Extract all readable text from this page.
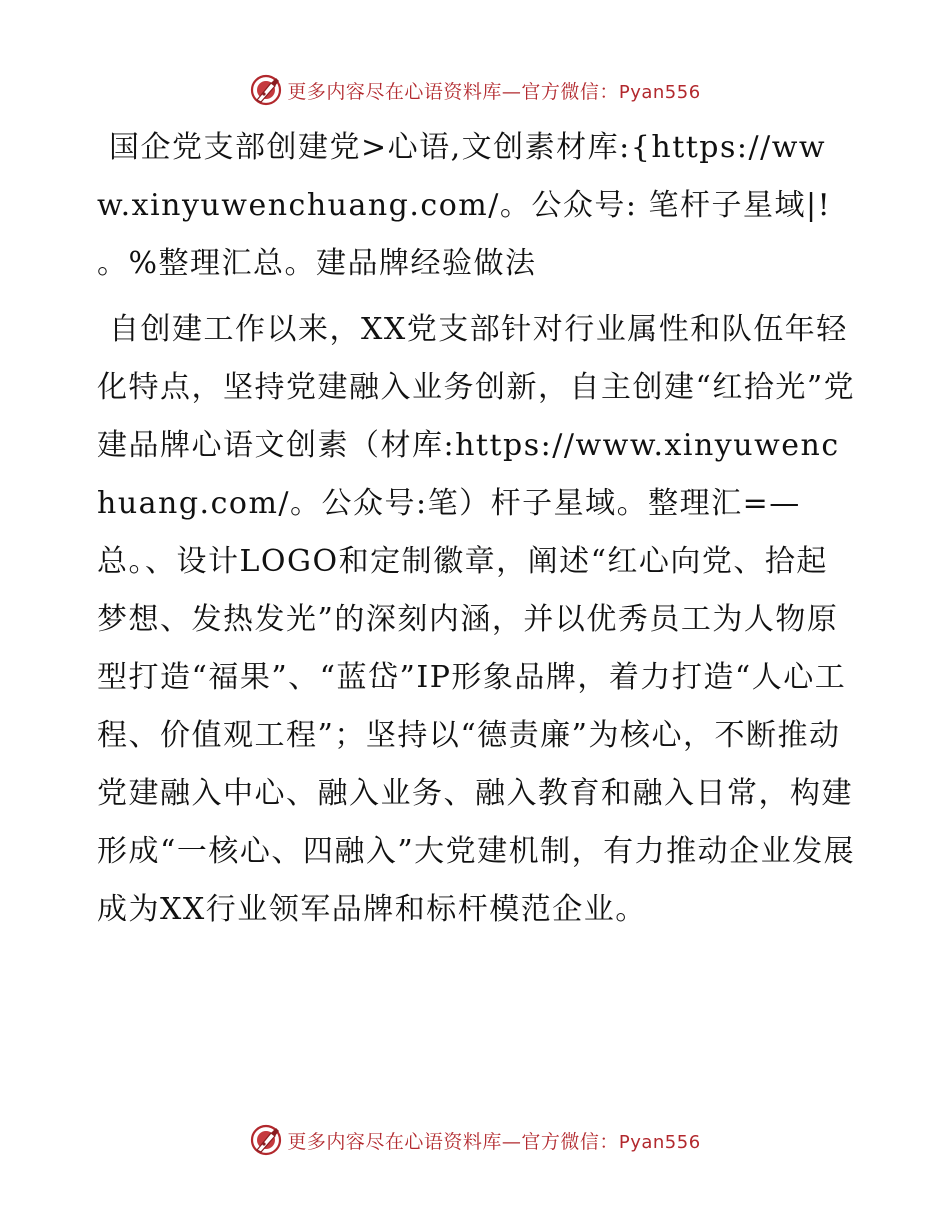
更多内容尽在心语资料库—官方微信：Pyan556

国企党支部创建党>心语,文创素材库:{https://www.xinyuwenchuang.com/。公众号: 笔杆子星域|! 。%整理汇总。建品牌经验做法

自创建工作以来，XX党支部针对行业属性和队伍年轻化特点，坚持党建融入业务创新，自主创建“红拾光”党建品牌心语文创素（材库:https://www.xinyuwenchuang.com/。公众号:笔）杆子星域。整理汇=—总。、设计LOGO和定制徽章，阐述“红心向党、拾起梦想、发热发光”的深刻内涵，并以优秀员工为人物原型打造“福果”、“蓝岱”IP形象品牌，着力打造“人心工程、价值观工程”；坚持以“德责廉”为核心，不断推动党建融入中心、融入业务、融入教育和融入日常，构建形成“一核心、四融入”大党建机制，有力推动企业发展成为XX行业领军品牌和标杆模范企业。

更多内容尽在心语资料库—官方微信：Pyan556
